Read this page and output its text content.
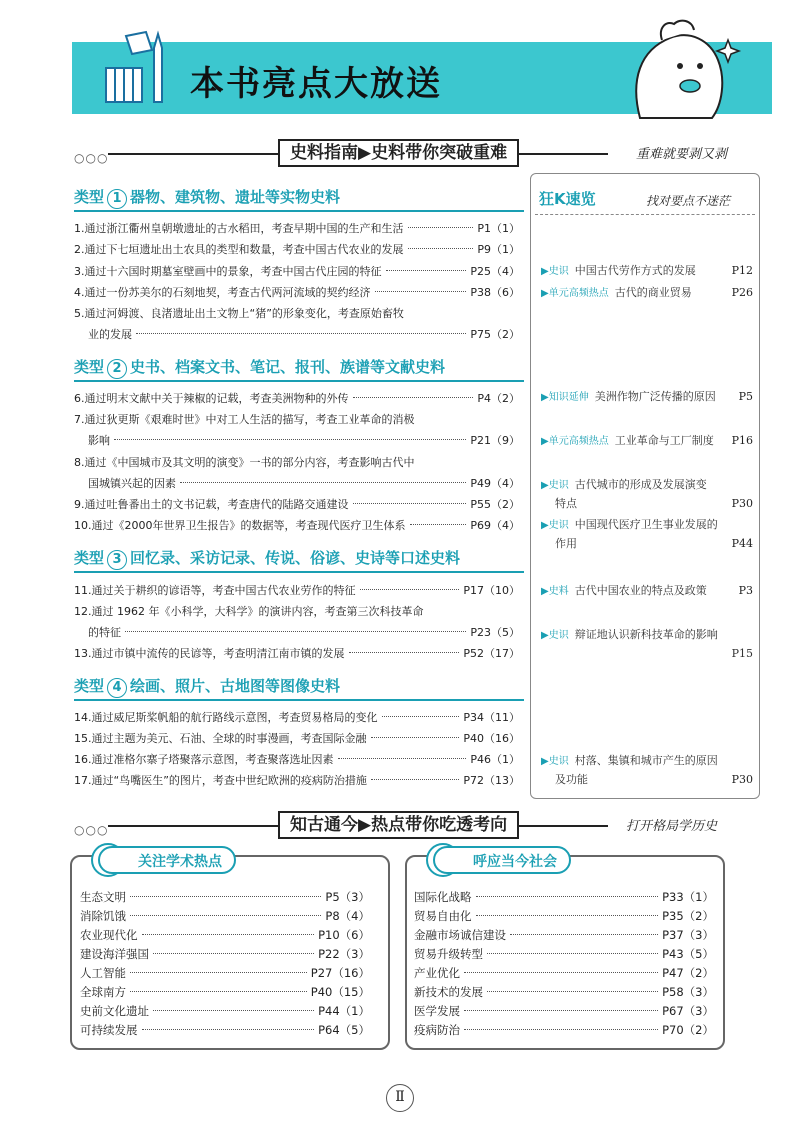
本书亮点大放送
○○○	史料指南▶史料带你突破重难	重难就要剥又剥
类型 1 器物、建筑物、遗址等实物史料
类型 2 史书、档案文书、笔记、报刊、族谱等文献史料
类型 3 回忆录、采访记录、传说、俗谚、史诗等口述史料
类型 4 绘画、照片、古地图等图像史料
1.通过浙江衢州皇朝墩遗址的古水稻田，考查早期中国的生产和生活	P1（1）
2.通过下七垣遗址出土农具的类型和数量，考查中国古代农业的发展	P9（1）
3.通过十六国时期墓室壁画中的景象，考查中国古代庄园的特征	P25（4）
4.通过一份苏美尔的石刻地契，考查古代两河流域的契约经济	P38（6）
5.通过河姆渡、良渚遗址出土文物上“猪”的形象变化，考查原始畜牧
业的发展	P75（2）
6.通过明末文献中关于辣椒的记载，考查美洲物种的外传	P4（2）
7.通过狄更斯《艰难时世》中对工人生活的描写，考查工业革命的消极
影响	P21（9）
8.通过《中国城市及其文明的演变》一书的部分内容，考查影响古代中
国城镇兴起的因素	P49（4）
9.通过吐鲁番出土的文书记载，考查唐代的陆路交通建设	P55（2）
10.通过《2000年世界卫生报告》的数据等，考查现代医疗卫生体系	P69（4）
11.通过关于耕织的谚语等，考查中国古代农业劳作的特征	P17（10）
12.通过 1962 年《小科学，大科学》的演讲内容，考查第三次科技革命
的特征	P23（5）
13.通过市镇中流传的民谚等，考查明清江南市镇的发展	P52（17）
14.通过威尼斯桨帆船的航行路线示意图，考查贸易格局的变化	P34（11）
15.通过主题为美元、石油、全球的时事漫画，考查国际金融	P40（16）
16.通过准格尔寨子塔聚落示意图，考查聚落选址因素	P46（1）
17.通过“鸟嘴医生”的图片，考查中世纪欧洲的疫病防治措施	P72（13）
狂K速览	找对要点不迷茫
▶史识 中国古代劳作方式的发展	P12
▶单元高频热点 古代的商业贸易	P26
▶知识延伸 美洲作物广泛传播的原因 P5
▶单元高频热点 工业革命与工厂制度 P16
▶史识 古代城市的形成及发展演变
特点	P30
▶史识 中国现代医疗卫生事业发展的
作用	P44
▶史料 古代中国农业的特点及政策	P3
▶史识 辩证地认识新科技革命的影响
P15
▶史识 村落、集镇和城市产生的原因
及功能	P30
○○○	知古通今▶热点带你吃透考向	打开格局学历史
关注学术热点
生态文明	P5（3）
消除饥饿	P8（4）
农业现代化	P10（6）
建设海洋强国	P22（3）
人工智能	P27（16）
全球南方	P40（15）
史前文化遗址	P44（1）
可持续发展	P64（5）
呼应当今社会
国际化战略	P33（1）
贸易自由化	P35（2）
金融市场诚信建设	P37（3）
贸易升级转型	P43（5）
产业优化	P47（2）
新技术的发展	P58（3）
医学发展	P67（3）
疫病防治	P70（2）
Ⅱ
